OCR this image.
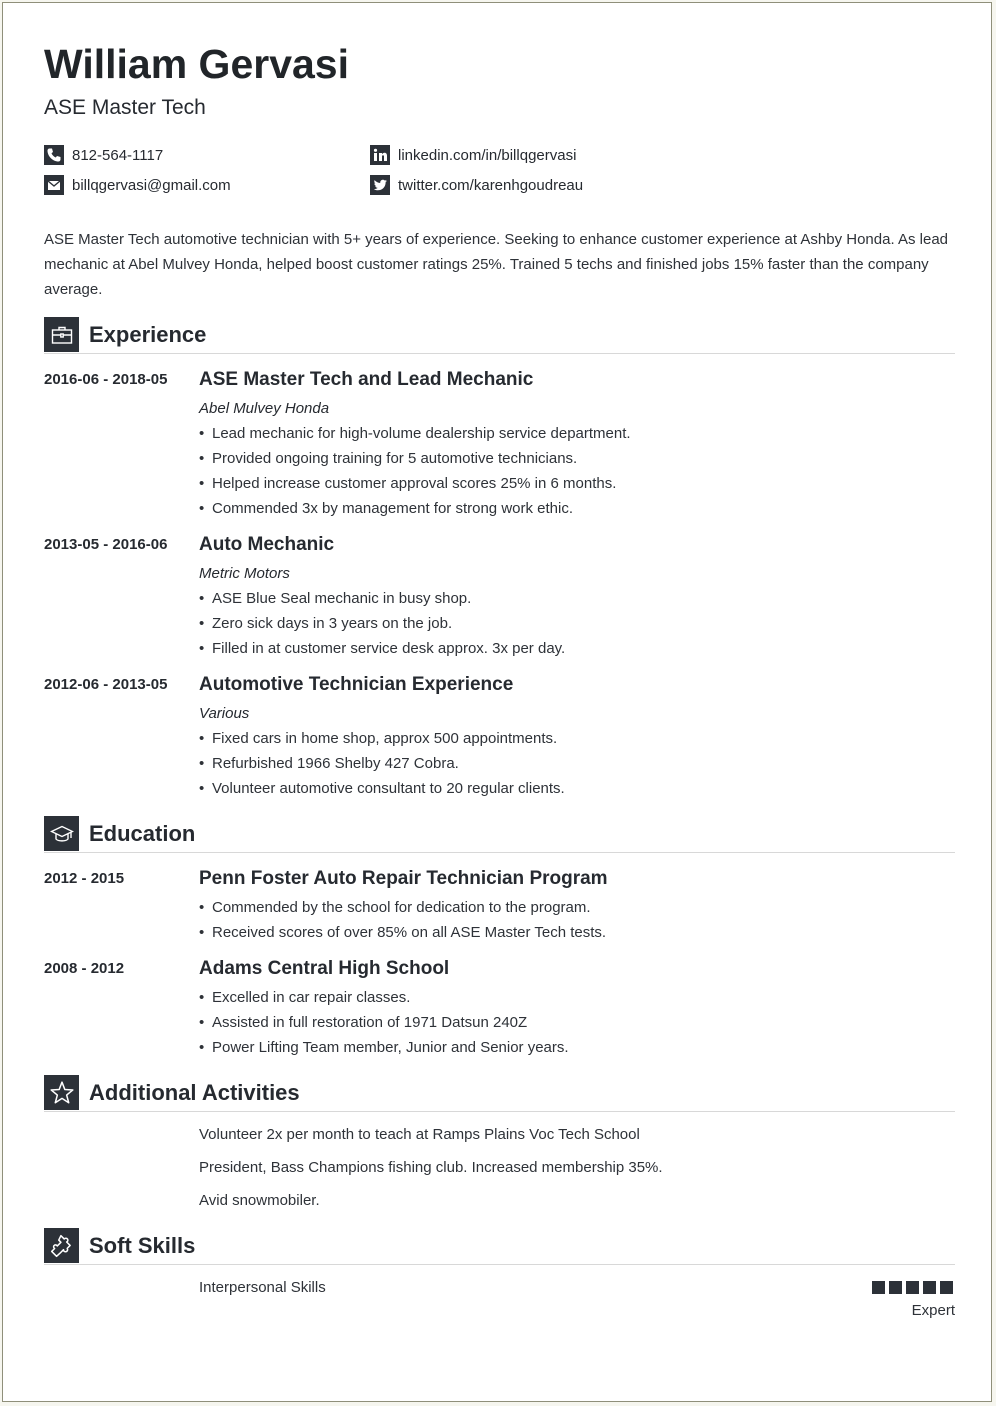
William Gervasi
ASE Master Tech
812-564-1117
billqgervasi@gmail.com
linkedin.com/in/billqgervasi
twitter.com/karenhgoudreau
ASE Master Tech automotive technician with 5+ years of experience. Seeking to enhance customer experience at Ashby Honda. As lead mechanic at Abel Mulvey Honda, helped boost customer ratings 25%. Trained 5 techs and finished jobs 15% faster than the company average.
Experience
2016-06 - 2018-05 ASE Master Tech and Lead Mechanic
Abel Mulvey Honda
• Lead mechanic for high-volume dealership service department.
• Provided ongoing training for 5 automotive technicians.
• Helped increase customer approval scores 25% in 6 months.
• Commended 3x by management for strong work ethic.
2013-05 - 2016-06 Auto Mechanic
Metric Motors
• ASE Blue Seal mechanic in busy shop.
• Zero sick days in 3 years on the job.
• Filled in at customer service desk approx. 3x per day.
2012-06 - 2013-05 Automotive Technician Experience
Various
• Fixed cars in home shop, approx 500 appointments.
• Refurbished 1966 Shelby 427 Cobra.
• Volunteer automotive consultant to 20 regular clients.
Education
2012 - 2015	Penn Foster Auto Repair Technician Program
• Commended by the school for dedication to the program.
• Received scores of over 85% on all ASE Master Tech tests.
2008 - 2012	Adams Central High School
• Excelled in car repair classes.
• Assisted in full restoration of 1971 Datsun 240Z
• Power Lifting Team member, Junior and Senior years.
Additional Activities
Volunteer 2x per month to teach at Ramps Plains Voc Tech School
President, Bass Champions fishing club. Increased membership 35%.
Avid snowmobiler.
Soft Skills
Interpersonal Skills
Expert
